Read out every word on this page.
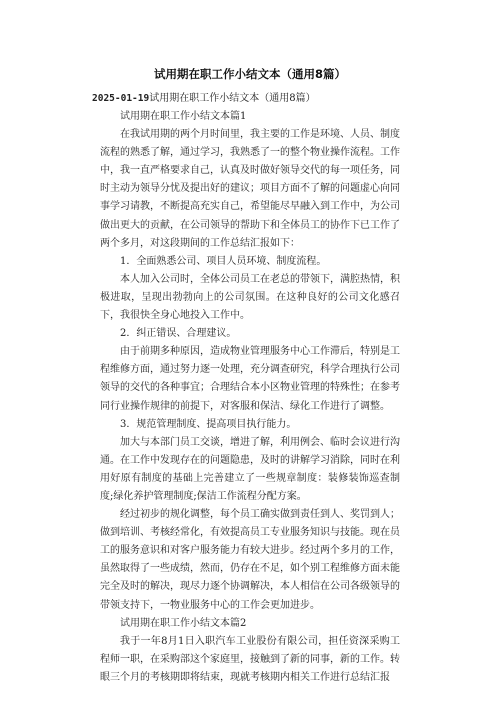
试用期在职工作小结文本（通用8篇）
2025-01-19试用期在职工作小结文本（通用8篇）

试用期在职工作小结文本篇1

在我试用期的两个月时间里，我主要的工作是环境、人员、制度流程的熟悉了解，通过学习，我熟悉了一的整个物业操作流程。工作中，我一直严格要求自己，认真及时做好领导交代的每一项任务，同时主动为领导分忧及提出好的建议；项目方面不了解的问题虚心向同事学习请教，不断提高充实自己，希望能尽早融入到工作中，为公司做出更大的贡献，在公司领导的帮助下和全体员工的协作下已工作了两个多月，对这段期间的工作总结汇报如下：

1．全面熟悉公司、项目人员环境、制度流程。

本人加入公司时，全体公司员工在老总的带领下，满腔热情，积极进取，呈现出勃勃向上的公司氛围。在这种良好的公司文化感召下，我很快全身心地投入工作中。

2．纠正错误、合理建议。

由于前期多种原因，造成物业管理服务中心工作滞后，特别是工程维修方面，通过努力逐一处理，充分调查研究，科学合理执行公司领导的交代的各种事宜；合理结合本小区物业管理的特殊性；在参考同行业操作规律的前提下，对客服和保洁、绿化工作进行了调整。

3．规范管理制度、提高项目执行能力。

加大与本部门员工交谈，增进了解，利用例会、临时会议进行沟通。在工作中发现存在的问题隐患，及时的讲解学习消除，同时在利用好原有制度的基础上完善建立了一些规章制度：装修装饰巡查制度;绿化养护管理制度;保洁工作流程分配方案。

经过初步的规化调整，每个员工确实做到责任到人、奖罚到人；做到培训、考核经常化，有效提高员工专业服务知识与技能。现在员工的服务意识和对客户服务能力有较大进步。经过两个多月的工作，虽然取得了一些成绩，然而，仍存在不足，如个别工程维修方面未能完全及时的解决，现尽力逐个协调解决，本人相信在公司各级领导的带领支持下，一物业服务中心的工作会更加进步。

试用期在职工作小结文本篇2

我于一年8月1日入职汽车工业股份有限公司，担任资深采购工程师一职，在采购部这个家庭里，接触到了新的同事，新的工作。转眼三个月的考核期即将结束，现就考核期内相关工作进行总结汇报
